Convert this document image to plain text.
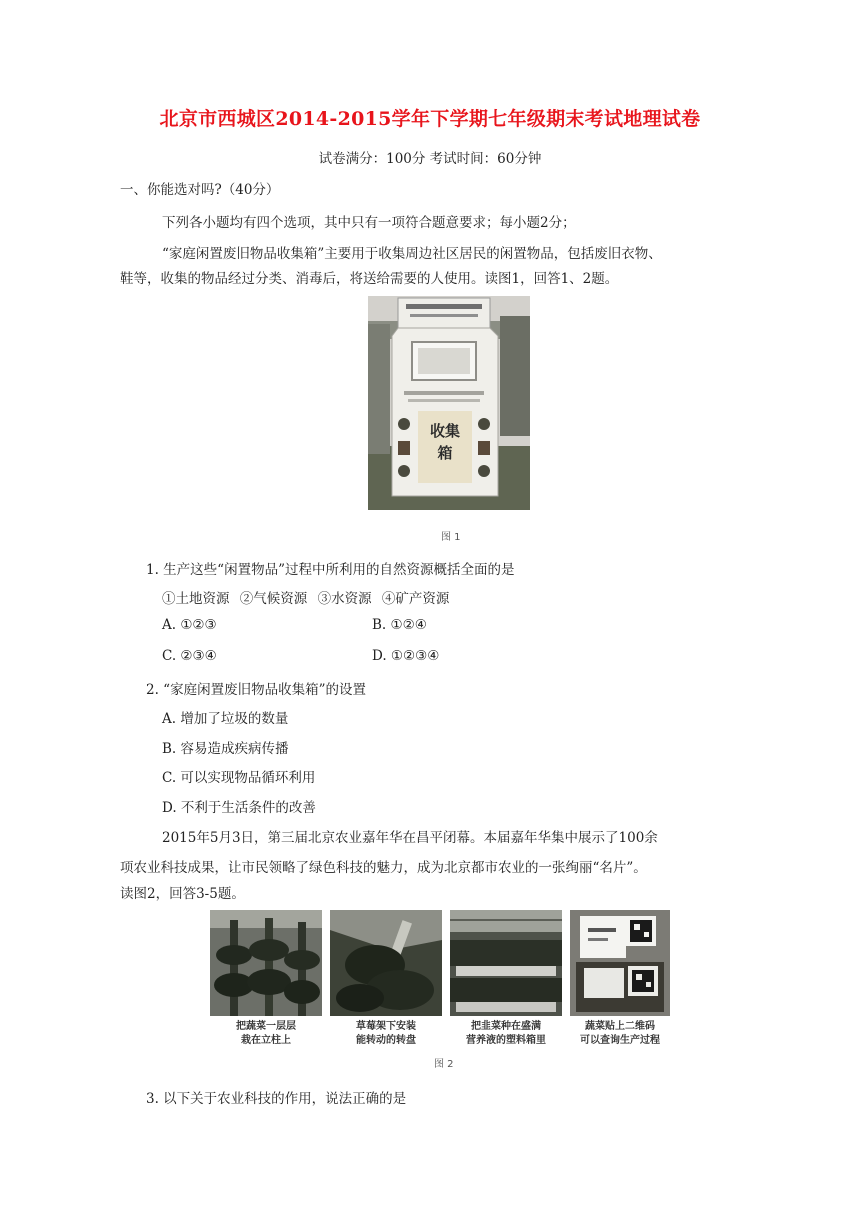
北京市西城区2014-2015学年下学期七年级期末考试地理试卷
试卷满分：100分 考试时间：60分钟
一、你能选对吗?（40分）
下列各小题均有四个选项，其中只有一项符合题意要求；每小题2分；
“家庭闲置废旧物品收集箱”主要用于收集周边社区居民的闲置物品，包括废旧衣物、
鞋等，收集的物品经过分类、消毒后，将送给需要的人使用。读图1，回答1、2题。
收集
箱
图 1
1. 生产这些“闲置物品”过程中所利用的自然资源概括全面的是
①土地资源 ②气候资源 ③水资源 ④矿产资源
A. ①②③	B. ①②④
C. ②③④	D. ①②③④
2. “家庭闲置废旧物品收集箱”的设置
A. 增加了垃圾的数量
B. 容易造成疾病传播
C. 可以实现物品循环利用
D. 不利于生活条件的改善
2015年5月3日，第三届北京农业嘉年华在昌平闭幕。本届嘉年华集中展示了100余
项农业科技成果，让市民领略了绿色科技的魅力，成为北京都市农业的一张绚丽“名片”。
读图2，回答3-5题。
把蔬菜一层层
栽在立柱上
草莓架下安装
能转动的转盘
把韭菜种在盛满
营养液的塑料箱里
蔬菜贴上二维码
可以查询生产过程
图 2
3. 以下关于农业科技的作用，说法正确的是
